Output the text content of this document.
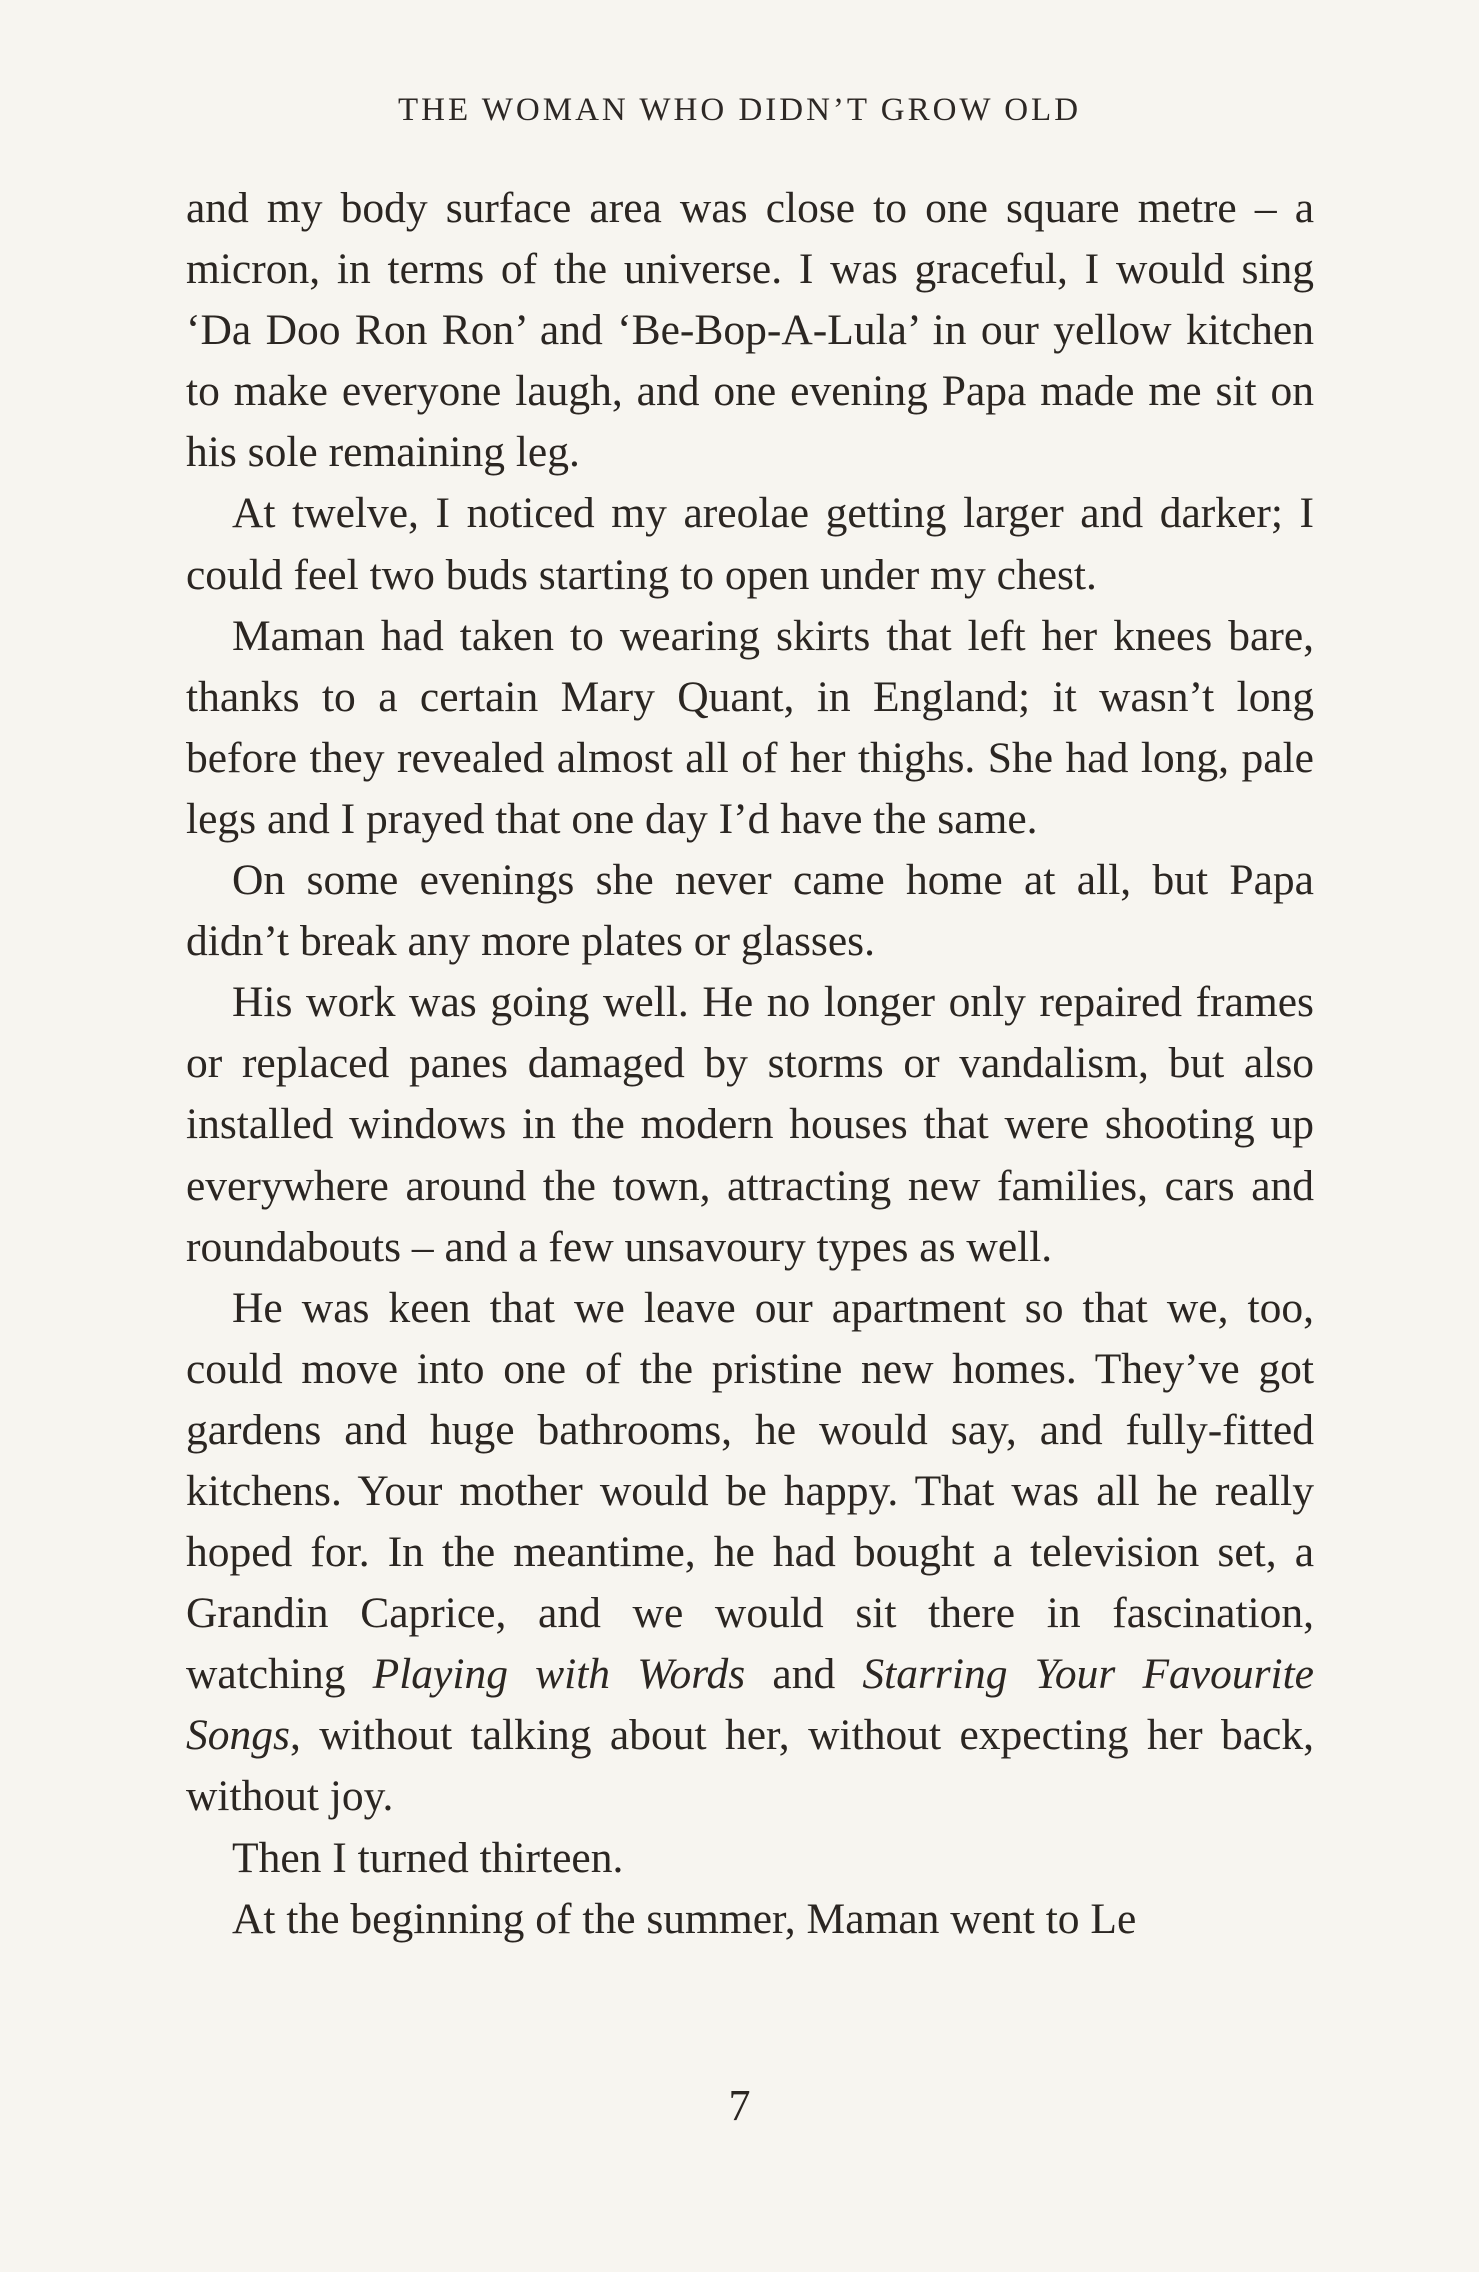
THE WOMAN WHO DIDN’T GROW OLD

and my body surface area was close to one square metre – a micron, in terms of the universe. I was graceful, I would sing ‘Da Doo Ron Ron’ and ‘Be-Bop-A-Lula’ in our yellow kitchen to make everyone laugh, and one evening Papa made me sit on his sole remaining leg.

At twelve, I noticed my areolae getting larger and darker; I could feel two buds starting to open under my chest.

Maman had taken to wearing skirts that left her knees bare, thanks to a certain Mary Quant, in England; it wasn’t long before they revealed almost all of her thighs. She had long, pale legs and I prayed that one day I’d have the same.

On some evenings she never came home at all, but Papa didn’t break any more plates or glasses.

His work was going well. He no longer only repaired frames or replaced panes damaged by storms or vandalism, but also installed windows in the modern houses that were shooting up everywhere around the town, attracting new families, cars and roundabouts – and a few unsavoury types as well.

He was keen that we leave our apartment so that we, too, could move into one of the pristine new homes. They’ve got gardens and huge bathrooms, he would say, and fully-fitted kitchens. Your mother would be happy. That was all he really hoped for. In the meantime, he had bought a television set, a Grandin Caprice, and we would sit there in fascination, watching Playing with Words and Starring Your Favourite Songs, without talking about her, without expecting her back, without joy.

Then I turned thirteen.

At the beginning of the summer, Maman went to Le

7
